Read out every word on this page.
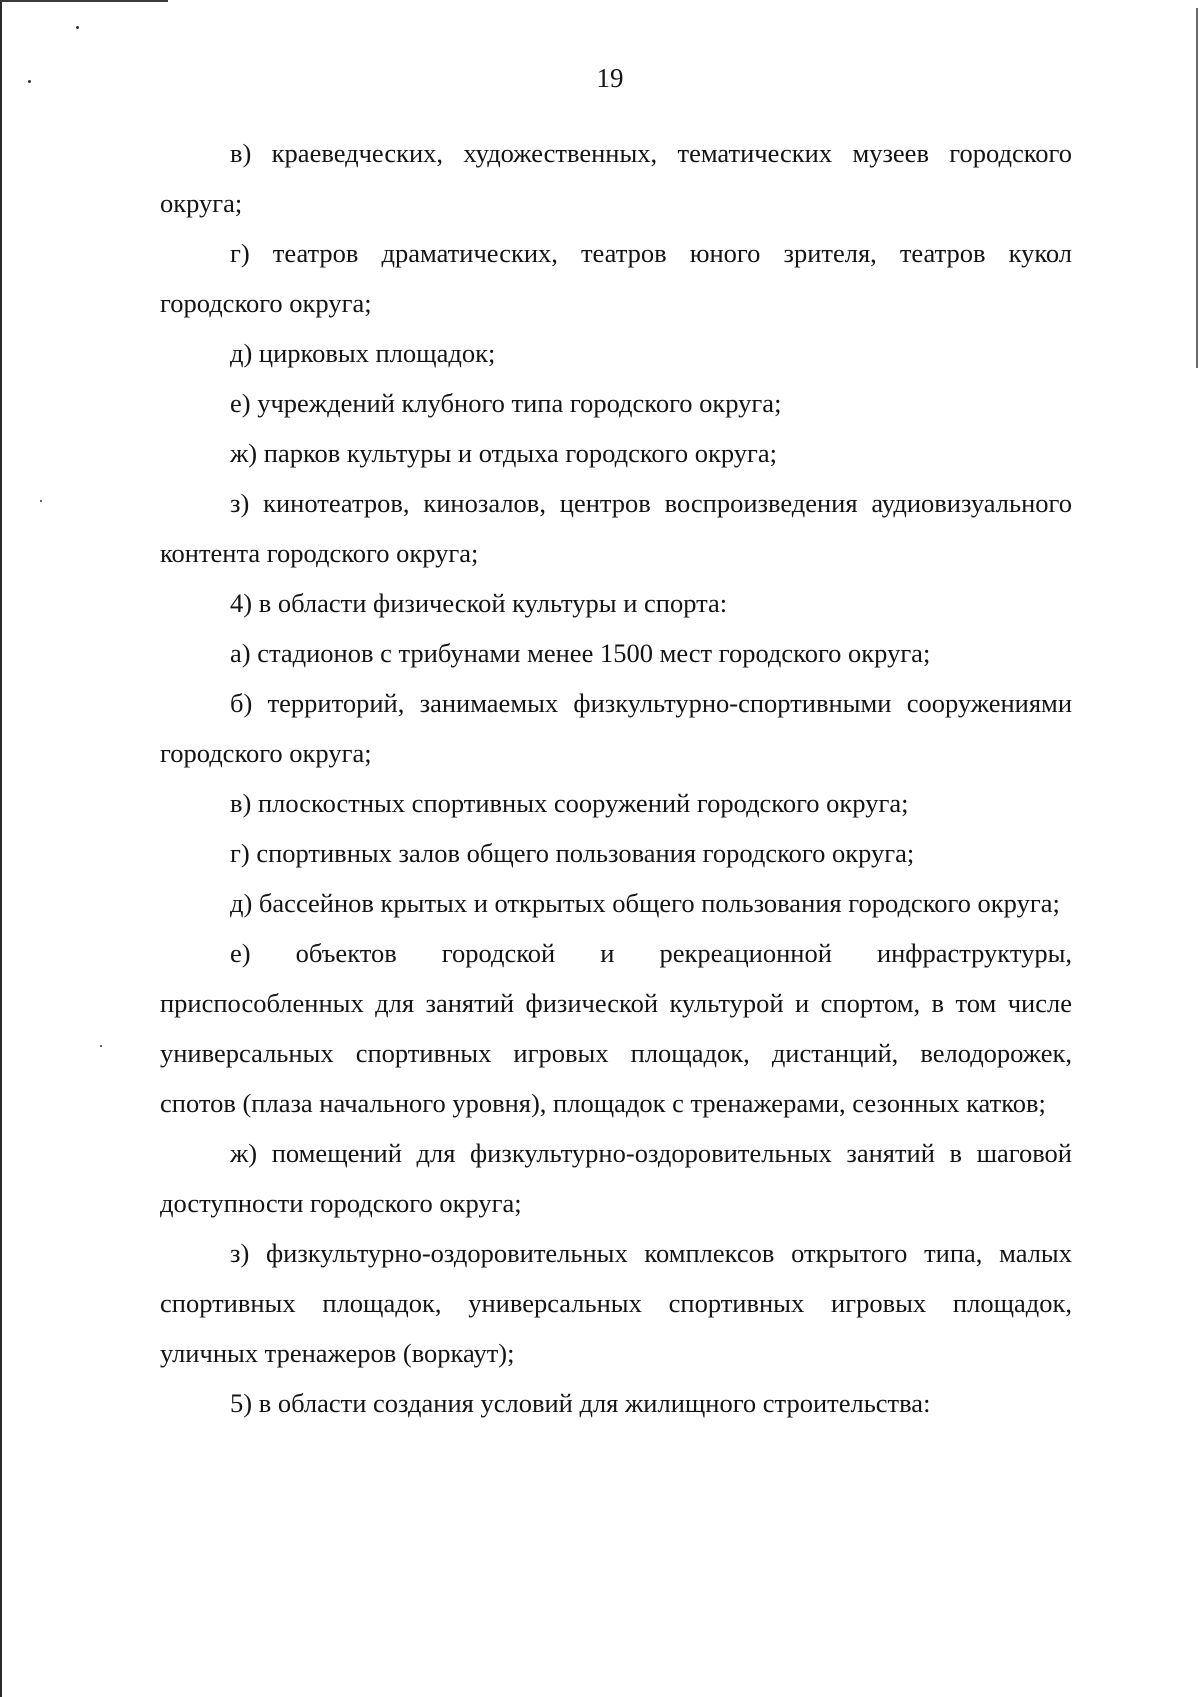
19

в) краеведческих, художественных, тематических музеев городского округа;

г) театров драматических, театров юного зрителя, театров кукол городского округа;

д) цирковых площадок;

е) учреждений клубного типа городского округа;

ж) парков культуры и отдыха городского округа;

з) кинотеатров, кинозалов, центров воспроизведения аудиовизуального контента городского округа;

4) в области физической культуры и спорта:

а) стадионов с трибунами менее 1500 мест городского округа;

б) территорий, занимаемых физкультурно-спортивными сооружениями городского округа;

в) плоскостных спортивных сооружений городского округа;

г) спортивных залов общего пользования городского округа;

д) бассейнов крытых и открытых общего пользования городского округа;

е) объектов городской и рекреационной инфраструктуры, приспособленных для занятий физической культурой и спортом, в том числе универсальных спортивных игровых площадок, дистанций, велодорожек, спотов (плаза начального уровня), площадок с тренажерами, сезонных катков;

ж) помещений для физкультурно-оздоровительных занятий в шаговой доступности городского округа;

з) физкультурно-оздоровительных комплексов открытого типа, малых спортивных площадок, универсальных спортивных игровых площадок, уличных тренажеров (воркаут);

5) в области создания условий для жилищного строительства:
